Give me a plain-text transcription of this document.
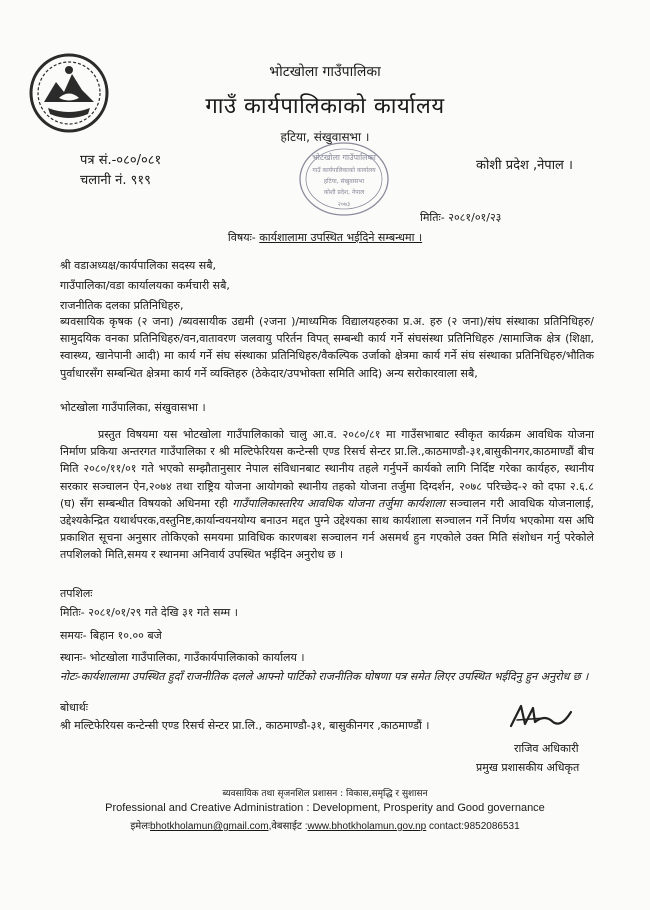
भोटखोला गाउँपालिका
गाउँ कार्यपालिकाको कार्यालय
हटिया, संखुवासभा ।
पत्र सं.-०८०/०८१
चलानी नं. ९१९
कोशी प्रदेश ,नेपाल ।
भोटखोला गाउँपालिका
गाउँ कार्यपालिकाको कार्यालय
हटिया, संखुवासभा
कोशी प्रदेश, नेपाल
२०७३
मितिः- २०८१/०१/२३
विषयः- कार्यशालामा उपस्थित भईदिने सम्बन्धमा ।
श्री वडाअध्यक्ष/कार्यपालिका सदस्य सबै,
गाउँपालिका/वडा कार्यालयका कर्मचारी सबै,
राजनीतिक दलका प्रतिनिधिहरु,

ब्यवसायिक कृषक (२ जना) /ब्यवसायीक उद्यमी (२जना )/माध्यमिक विद्यालयहरुका प्र.अ. हरु (२ जना)/संघ संस्थाका प्रतिनिधिहरु/सामुदयिक वनका प्रतिनिधिहरु/वन,वातावरण जलवायु परिर्तन विपत् सम्बन्धी कार्य गर्ने संघसंस्था प्रतिनिधिहरु /सामाजिक क्षेत्र (शिक्षा, स्वास्थ्य, खानेपानी आदी) मा कार्य गर्ने संघ संस्थाका प्रतिनिधिहरु/वैकल्पिक उर्जाको क्षेत्रमा कार्य गर्ने संघ संस्थाका प्रतिनिधिहरु/भौतिक पुर्वाधारसँग सम्बन्धित क्षेत्रमा कार्य गर्ने व्यक्तिहरु (ठेकेदार/उपभोक्ता समिति आदि) अन्य सरोकारवाला सबै,

भोटखोला गाउँपालिका, संखुवासभा ।

प्रस्तुत विषयमा यस भोटखोला गाउँपालिकाको चालु आ.व. २०८०/८१ मा गाउँसभाबाट स्वीकृत कार्यक्रम आवधिक योजना निर्माण प्रकिया अन्तरगत गाउँपालिका र श्री मल्टिफेरियस कन्टेन्सी एण्ड रिसर्च सेन्टर प्रा.लि.,काठमाण्डौ-३१,बासुकीनगर,काठमाण्डौं बीच मिति २०८०/११/०१ गते भएको सम्झौतानुसार नेपाल संविधानबाट स्थानीय तहले गर्नुपर्ने कार्यको लागि निर्दिष्ट गरेका कार्यहरु, स्थानीय सरकार सञ्चालन ऐन,२०७४ तथा राष्ट्रिय योजना आयोगको स्थानीय तहको योजना तर्जुमा दिग्दर्शन, २०७८ परिच्छेद-२ को दफा २.६.८ (घ) सँग सम्बन्धीत विषयको अधिनमा रही गाउँपालिकास्तरिय आवधिक योजना तर्जुमा कार्यशाला सञ्चालन गरी आवधिक योजनालाई, उद्देश्यकेन्द्रित यथार्थपरक,वस्तुनिष्ट,कार्यान्वयनयोग्य बनाउन मद्दत पुग्ने उद्देश्यका साथ कार्यशाला सञ्चालन गर्ने निर्णय भएकोमा यस अघि प्रकाशित सूचना अनुसार तोकिएको समयमा प्राविधिक कारणबश सञ्चालन गर्न असमर्थ हुन गएकोले उक्त मिति संशोधन गर्नु परेकोले तपशिलको मिति,समय र स्थानमा अनिवार्य उपस्थित भईदिन अनुरोध छ ।

तपशिलः
मितिः- २०८१/०१/२९ गते देखि ३१ गते सम्म ।
समयः- बिहान १०.०० बजे
स्थानः- भोटखोला गाउँपालिका, गाउँकार्यपालिकाको कार्यालय ।
नोटः-कार्यशालामा उपस्थित हुदाँ राजनीतिक दलले आफ्नो पार्टिको राजनीतिक घोषणा पत्र समेत लिएर उपस्थित भईदिनु हुन अनुरोध छ ।
बोधार्थः
श्री मल्टिफेरियस कन्टेन्सी एण्ड रिसर्च सेन्टर प्रा.लि., काठमाण्डौ-३१, बासुकीनगर ,काठमाण्डौं ।
राजिव अधिकारी
प्रमुख प्रशासकीय अधिकृत
ब्यवसायिक तथा सृजनशिल प्रशासन : विकास,समृद्धि र सुशासन
Professional and Creative Administration : Development, Prosperity and Good governance
इमेलःbhotkholamun@gmail.com,वेबसाईट :www.bhotkholamun.gov.np contact:9852086531
